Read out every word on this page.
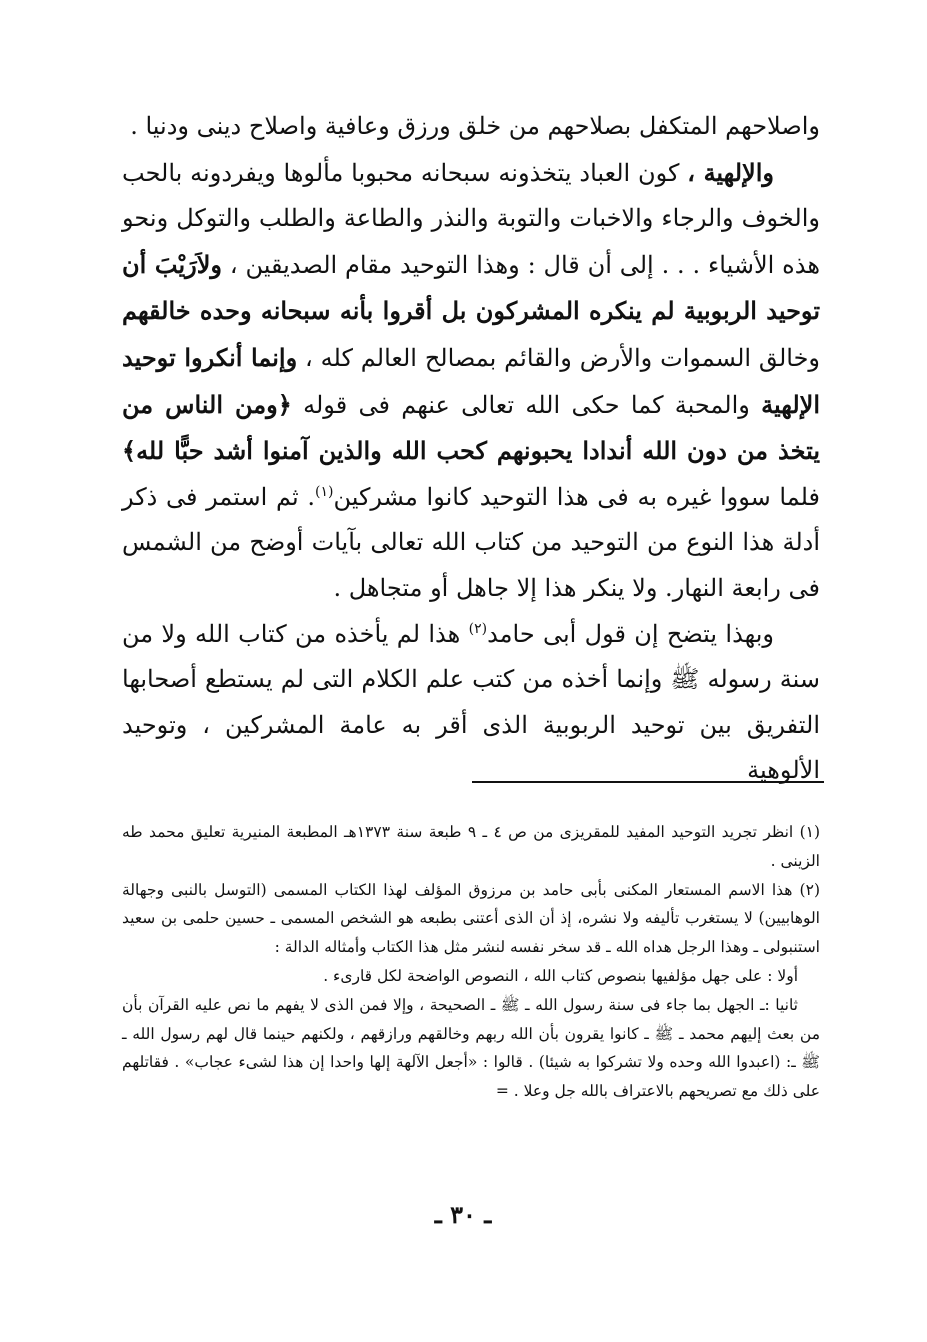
واصلاحهم المتكفل بصلاحهم من خلق ورزق وعافية واصلاح دينى ودنيا .

والإلهية ، كون العباد يتخذونه سبحانه محبوبا مألوها ويفردونه بالحب والخوف والرجاء والاخبات والتوبة والنذر والطاعة والطلب والتوكل ونحو هذه الأشياء . . . إلى أن قال : وهذا التوحيد مقام الصديقين ، ولاَرَيْبَ أن توحيد الربوبية لم ينكره المشركون بل أقروا بأنه سبحانه وحده خالقهم وخالق السموات والأرض والقائم بمصالح العالم كله ، وإنما أنكروا توحيد الإلهية والمحبة كما حكى الله تعالى عنهم فى قوله ﴿ومن الناس من يتخذ من دون الله أندادا يحبونهم كحب الله والذين آمنوا أشد حبًّا لله﴾ فلما سووا غيره به فى هذا التوحيد كانوا مشركين$^{(١)}$. ثم استمر فى ذكر أدلة هذا النوع من التوحيد من كتاب الله تعالى بآيات أوضح من الشمس فى رابعة النهار. ولا ينكر هذا إلا جاهل أو متجاهل .

وبهذا يتضح إن قول أبى حامد$^{(٢)}$ هذا لم يأخذه من كتاب الله ولا من سنة رسوله ﷺ وإنما أخذه من كتب علم الكلام التى لم يستطع أصحابها التفريق بين توحيد الربوبية الذى أقر به عامة المشركين ، وتوحيد الألوهية

(١) انظر تجريد التوحيد المفيد للمقريزى من ص ٤ ـ ٩ طبعة سنة ١٣٧٣هـ المطبعة المنيرية تعليق محمد طه الزينى .

(٢) هذا الاسم المستعار المكنى بأبى حامد بن مرزوق المؤلف لهذا الكتاب المسمى (التوسل بالنبى وجهالة الوهابيين) لا يستغرب تأليفه ولا نشره، إذ أن الذى أعتنى بطبعه هو الشخص المسمى ـ حسين حلمى بن سعيد استنبولى ـ وهذا الرجل هداه الله ـ قد سخر نفسه لنشر مثل هذا الكتاب وأمثاله الدالة :

أولا : على جهل مؤلفيها بنصوص كتاب الله ، النصوص الواضحة لكل قارىء .

ثانيا :ـ الجهل بما جاء فى سنة رسول الله ـ ﷺ ـ الصحيحة ، وإلا فمن الذى لا يفهم ما نص عليه القرآن بأن من بعث إليهم محمد ـ ﷺ ـ كانوا يقرون بأن الله ربهم وخالقهم ورازقهم ، ولكنهم حينما قال لهم رسول الله ـ ﷺ ـ: (اعبدوا الله وحده ولا تشركوا به شيئا) . قالوا : «أجعل الآلهة إلها واحدا إن هذا لشىء عجاب» . فقاتلهم على ذلك مع تصريحهم بالاعتراف بالله جل وعلا . =

ـ ٣٠ ـ
